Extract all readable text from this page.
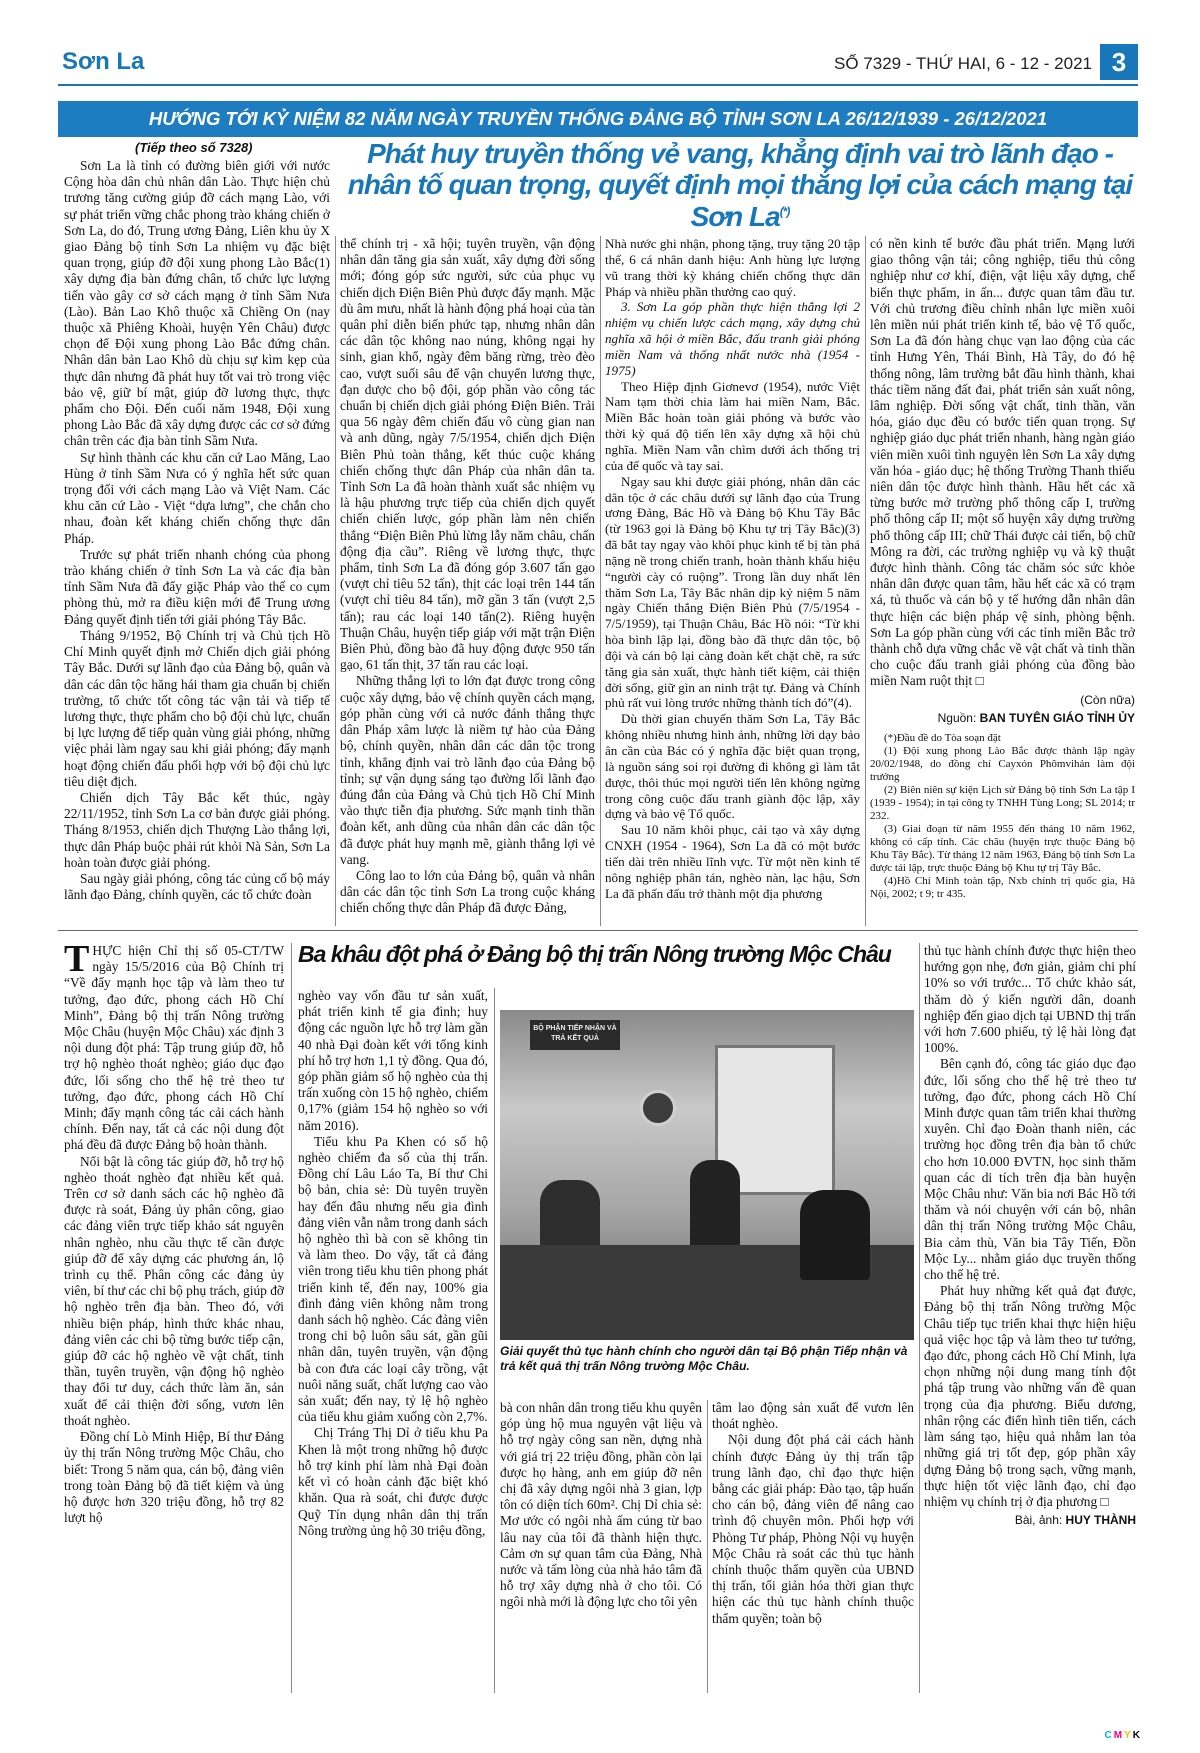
Sơn La	SỐ 7329 - THỨ HAI, 6 - 12 - 2021 3
HƯỚNG TỚI KỶ NIỆM 82 NĂM NGÀY TRUYỀN THỐNG ĐẢNG BỘ TỈNH SƠN LA 26/12/1939 - 26/12/2021
(Tiếp theo số 7328)	Phát huy truyền thống vẻ vang, khẳng định vai trò lãnh đạo - nhân tố quan trọng, quyết định mọi thắng lợi của cách mạng tại Sơn La(*)

Sơn La là tỉnh có đường biên giới với nước Cộng hòa dân chủ nhân dân Lào. Thực hiện chủ trương tăng cường giúp đỡ cách mạng Lào, với sự phát triển vững chắc phong trào kháng chiến ở Sơn La, do đó, Trung ương Đảng, Liên khu ủy X giao Đảng bộ tỉnh Sơn La nhiệm vụ đặc biệt quan trọng, giúp đỡ đội xung phong Lào Bắc(1) xây dựng địa bàn đứng chân, tổ chức lực lượng tiến vào gây cơ sở cách mạng ở tỉnh Sầm Nưa (Lào). Bản Lao Khô thuộc xã Chiềng On (nay thuộc xã Phiêng Khoài, huyện Yên Châu) được chọn để Đội xung phong Lào Bắc đứng chân. Nhân dân bản Lao Khô dù chịu sự kìm kẹp của thực dân nhưng đã phát huy tốt vai trò trong việc bảo vệ, giữ bí mật, giúp đỡ lương thực, thực phẩm cho Đội. Đến cuối năm 1948, Đội xung phong Lào Bắc đã xây dựng được các cơ sở đứng chân trên các địa bàn tỉnh Sầm Nưa.

Sự hình thành các khu căn cứ Lao Măng, Lao Hùng ở tỉnh Sầm Nưa có ý nghĩa hết sức quan trọng đối với cách mạng Lào và Việt Nam. Các khu căn cứ Lào - Việt “dựa lưng”, che chắn cho nhau, đoàn kết kháng chiến chống thực dân Pháp.

Trước sự phát triển nhanh chóng của phong trào kháng chiến ở tỉnh Sơn La và các địa bàn tỉnh Sầm Nưa đã đẩy giặc Pháp vào thế co cụm phòng thủ, mở ra điều kiện mới để Trung ương Đảng quyết định tiến tới giải phóng Tây Bắc.

Tháng 9/1952, Bộ Chính trị và Chủ tịch Hồ Chí Minh quyết định mở Chiến dịch giải phóng Tây Bắc. Dưới sự lãnh đạo của Đảng bộ, quân và dân các dân tộc hăng hái tham gia chuẩn bị chiến trường, tổ chức tốt công tác vận tải và tiếp tế lương thực, thực phẩm cho bộ đội chủ lực, chuẩn bị lực lượng để tiếp quản vùng giải phóng, những việc phải làm ngay sau khi giải phóng; đẩy mạnh hoạt động chiến đấu phối hợp với bộ đội chủ lực tiêu diệt địch.

Chiến dịch Tây Bắc kết thúc, ngày 22/11/1952, tỉnh Sơn La cơ bản được giải phóng. Tháng 8/1953, chiến dịch Thượng Lào thắng lợi, thực dân Pháp buộc phải rút khỏi Nà Sản, Sơn La hoàn toàn được giải phóng.

Sau ngày giải phóng, công tác củng cố bộ máy lãnh đạo Đảng, chính quyền, các tổ chức đoàn

thể chính trị - xã hội; tuyên truyền, vận động nhân dân tăng gia sản xuất, xây dựng đời sống mới; đóng góp sức người, sức của phục vụ chiến dịch Điện Biên Phủ được đẩy mạnh. Mặc dù âm mưu, nhất là hành động phá hoại của tàn quân phỉ diễn biến phức tạp, nhưng nhân dân các dân tộc không nao núng, không ngại hy sinh, gian khổ, ngày đêm băng rừng, trèo đèo cao, vượt suối sâu để vận chuyển lương thực, đạn dược cho bộ đội, góp phần vào công tác chuẩn bị chiến dịch giải phóng Điện Biên. Trải qua 56 ngày đêm chiến đấu vô cùng gian nan và anh dũng, ngày 7/5/1954, chiến dịch Điện Biên Phủ toàn thắng, kết thúc cuộc kháng chiến chống thực dân Pháp của nhân dân ta. Tỉnh Sơn La đã hoàn thành xuất sắc nhiệm vụ là hậu phương trực tiếp của chiến dịch quyết chiến chiến lược, góp phần làm nên chiến thắng “Điện Biên Phủ lừng lẫy năm châu, chấn động địa cầu”. Riêng về lương thực, thực phẩm, tỉnh Sơn La đã đóng góp 3.607 tấn gạo (vượt chỉ tiêu 52 tấn), thịt các loại trên 144 tấn (vượt chỉ tiêu 84 tấn), mỡ gần 3 tấn (vượt 2,5 tấn); rau các loại 140 tấn(2). Riêng huyện Thuận Châu, huyện tiếp giáp với mặt trận Điện Biên Phủ, đồng bào đã huy động được 950 tấn gạo, 61 tấn thịt, 37 tấn rau các loại.

Những thắng lợi to lớn đạt được trong công cuộc xây dựng, bảo vệ chính quyền cách mạng, góp phần cùng với cả nước đánh thắng thực dân Pháp xâm lược là niềm tự hào của Đảng bộ, chính quyền, nhân dân các dân tộc trong tỉnh, khẳng định vai trò lãnh đạo của Đảng bộ tỉnh; sự vận dụng sáng tạo đường lối lãnh đạo đúng đắn của Đảng và Chủ tịch Hồ Chí Minh vào thực tiễn địa phương. Sức mạnh tinh thần đoàn kết, anh dũng của nhân dân các dân tộc đã được phát huy mạnh mẽ, giành thắng lợi vẻ vang.

Công lao to lớn của Đảng bộ, quân và nhân dân các dân tộc tỉnh Sơn La trong cuộc kháng chiến chống thực dân Pháp đã được Đảng,

Nhà nước ghi nhận, phong tặng, truy tặng 20 tập thể, 6 cá nhân danh hiệu: Anh hùng lực lượng vũ trang thời kỳ kháng chiến chống thực dân Pháp và nhiều phần thưởng cao quý.

3. Sơn La góp phần thực hiện thắng lợi 2 nhiệm vụ chiến lược cách mạng, xây dựng chủ nghĩa xã hội ở miền Bắc, đấu tranh giải phóng miền Nam và thống nhất nước nhà (1954 - 1975)

Theo Hiệp định Giơnevơ (1954), nước Việt Nam tạm thời chia làm hai miền Nam, Bắc. Miền Bắc hoàn toàn giải phóng và bước vào thời kỳ quá độ tiến lên xây dựng xã hội chủ nghĩa. Miền Nam vẫn chìm dưới ách thống trị của đế quốc và tay sai.

Ngay sau khi được giải phóng, nhân dân các dân tộc ở các châu dưới sự lãnh đạo của Trung ương Đảng, Bác Hồ và Đảng bộ Khu Tây Bắc (từ 1963 gọi là Đảng bộ Khu tự trị Tây Bắc)(3) đã bắt tay ngay vào khôi phục kinh tế bị tàn phá nặng nề trong chiến tranh, hoàn thành khẩu hiệu “người cày có ruộng”. Trong lần duy nhất lên thăm Sơn La, Tây Bắc nhân dịp kỷ niệm 5 năm ngày Chiến thắng Điện Biên Phủ (7/5/1954 - 7/5/1959), tại Thuận Châu, Bác Hồ nói: “Từ khi hòa bình lập lại, đồng bào đã thực dân tộc, bộ đội và cán bộ lại càng đoàn kết chặt chẽ, ra sức tăng gia sản xuất, thực hành tiết kiệm, cải thiện đời sống, giữ gìn an ninh trật tự. Đảng và Chính phủ rất vui lòng trước những thành tích đó”(4).

Dù thời gian chuyến thăm Sơn La, Tây Bắc không nhiều nhưng hình ảnh, những lời dạy bảo ân cần của Bác có ý nghĩa đặc biệt quan trọng, là nguồn sáng soi rọi đường đi không gì làm tắt được, thôi thúc mọi người tiến lên không ngừng trong công cuộc đấu tranh giành độc lập, xây dựng và bảo vệ Tổ quốc.

Sau 10 năm khôi phục, cải tạo và xây dựng CNXH (1954 - 1964), Sơn La đã có một bước tiến dài trên nhiều lĩnh vực. Từ một nền kinh tế nông nghiệp phân tán, nghèo nàn, lạc hậu, Sơn La đã phấn đấu trở thành một địa phương

có nền kinh tế bước đầu phát triển. Mạng lưới giao thông vận tải; công nghiệp, tiểu thủ công nghiệp như cơ khí, điện, vật liệu xây dựng, chế biến thực phẩm, in ấn... được quan tâm đầu tư. Với chủ trương điều chỉnh nhân lực miền xuôi lên miền núi phát triển kinh tế, bảo vệ Tổ quốc, Sơn La đã đón hàng chục vạn lao động của các tỉnh Hưng Yên, Thái Bình, Hà Tây, do đó hệ thống nông, lâm trường bắt đầu hình thành, khai thác tiềm năng đất đai, phát triển sản xuất nông, lâm nghiệp. Đời sống vật chất, tinh thần, văn hóa, giáo dục đều có bước tiến quan trọng. Sự nghiệp giáo dục phát triển nhanh, hàng ngàn giáo viên miền xuôi tình nguyện lên Sơn La xây dựng văn hóa - giáo dục; hệ thống Trường Thanh thiếu niên dân tộc được hình thành. Hầu hết các xã từng bước mở trường phổ thông cấp I, trường phổ thông cấp II; một số huyện xây dựng trường phổ thông cấp III; chữ Thái được cải tiến, bộ chữ Mông ra đời, các trường nghiệp vụ và kỹ thuật được hình thành. Công tác chăm sóc sức khỏe nhân dân được quan tâm, hầu hết các xã có trạm xá, tủ thuốc và cán bộ y tế hướng dẫn nhân dân thực hiện các biện pháp vệ sinh, phòng bệnh. Sơn La góp phần cùng với các tỉnh miền Bắc trở thành chỗ dựa vững chắc về vật chất và tinh thần cho cuộc đấu tranh giải phóng của đồng bào miền Nam ruột thịt □

(Còn nữa)
Nguồn: BAN TUYÊN GIÁO TỈNH ỦY

(*)Đầu đề do Tòa soạn đặt

(1) Đội xung phong Lào Bắc được thành lập ngày 20/02/1948, do đồng chí Cayxỏn Phômvihản làm đội trưởng

(2) Biên niên sự kiện Lịch sử Đảng bộ tỉnh Sơn La tập I (1939 - 1954); in tại công ty TNHH Tùng Long; SL 2014; tr 232.

(3) Giai đoạn từ năm 1955 đến tháng 10 năm 1962, không có cấp tỉnh. Các châu (huyện trực thuộc Đảng bộ Khu Tây Bắc). Từ tháng 12 năm 1963, Đảng bộ tỉnh Sơn La được tái lập, trực thuộc Đảng bộ Khu tự trị Tây Bắc.

(4)Hồ Chí Minh toàn tập, Nxb chính trị quốc gia, Hà Nội, 2002; t 9; tr 435.

THỰC hiện Chỉ thị số 05-CT/TW ngày 15/5/2016 của Bộ Chính trị “Về đẩy mạnh học tập và làm theo tư tưởng, đạo đức, phong cách Hồ Chí Minh”, Đảng bộ thị trấn Nông trường Mộc Châu (huyện Mộc Châu) xác định 3 nội dung đột phá: Tập trung giúp đỡ, hỗ trợ hộ nghèo thoát nghèo; giáo dục đạo đức, lối sống cho thế hệ trẻ theo tư tưởng, đạo đức, phong cách Hồ Chí Minh; đẩy mạnh công tác cải cách hành chính. Đến nay, tất cả các nội dung đột phá đều đã được Đảng bộ hoàn thành.

Nổi bật là công tác giúp đỡ, hỗ trợ hộ nghèo thoát nghèo đạt nhiều kết quả. Trên cơ sở danh sách các hộ nghèo đã được rà soát, Đảng ủy phân công, giao các đảng viên trực tiếp khảo sát nguyên nhân nghèo, nhu cầu thực tế cần được giúp đỡ để xây dựng các phương án, lộ trình cụ thể. Phân công các đảng ủy viên, bí thư các chi bộ phụ trách, giúp đỡ hộ nghèo trên địa bàn. Theo đó, với nhiều biện pháp, hình thức khác nhau, đảng viên các chi bộ từng bước tiếp cận, giúp đỡ các hộ nghèo về vật chất, tinh thần, tuyên truyền, vận động hộ nghèo thay đổi tư duy, cách thức làm ăn, sản xuất để cải thiện đời sống, vươn lên thoát nghèo.

Đồng chí Lò Minh Hiệp, Bí thư Đảng ủy thị trấn Nông trường Mộc Châu, cho biết: Trong 5 năm qua, cán bộ, đảng viên trong toàn Đảng bộ đã tiết kiệm và ủng hộ được hơn 320 triệu đồng, hỗ trợ 82 lượt hộ

Ba khâu đột phá ở Đảng bộ thị trấn Nông trường Mộc Châu

nghèo vay vốn đầu tư sản xuất, phát triển kinh tế gia đình; huy động các nguồn lực hỗ trợ làm gần 40 nhà Đại đoàn kết với tổng kinh phí hỗ trợ hơn 1,1 tỷ đồng. Qua đó, góp phần giảm số hộ nghèo của thị trấn xuống còn 15 hộ nghèo, chiếm 0,17% (giảm 154 hộ nghèo so với năm 2016).

Tiểu khu Pa Khen có số hộ nghèo chiếm đa số của thị trấn. Đồng chí Lâu Láo Ta, Bí thư Chi bộ bản, chia sẻ: Dù tuyên truyền hay đến đâu nhưng nếu gia đình đảng viên vẫn nằm trong danh sách hộ nghèo thì bà con sẽ không tin và làm theo. Do vậy, tất cả đảng viên trong tiểu khu tiên phong phát triển kinh tế, đến nay, 100% gia đình đảng viên không nằm trong danh sách hộ nghèo. Các đảng viên trong chi bộ luôn sâu sát, gần gũi nhân dân, tuyên truyền, vận động bà con đưa các loại cây trồng, vật nuôi năng suất, chất lượng cao vào sản xuất; đến nay, tỷ lệ hộ nghèo của tiểu khu giảm xuống còn 2,7%.

Chị Tráng Thị Dỉ ở tiểu khu Pa Khen là một trong những hộ được hỗ trợ kinh phí làm nhà Đại đoàn kết vì có hoàn cảnh đặc biệt khó khăn. Qua rà soát, chi được được Quỹ Tín dụng nhân dân thị trấn Nông trường ủng hộ 30 triệu đồng,

BỘ PHẬN TIẾP NHẬN VÀ TRẢ KẾT QUẢ
Giải quyết thủ tục hành chính cho người dân tại Bộ phận Tiếp nhận và trả kết quả thị trấn Nông trường Mộc Châu.

bà con nhân dân trong tiểu khu quyên góp ủng hộ mua nguyên vật liệu và hỗ trợ ngày công san nền, dựng nhà với giá trị 22 triệu đồng, phần còn lại được họ hàng, anh em giúp đỡ nên chị đã xây dựng ngôi nhà 3 gian, lợp tôn có diện tích 60m². Chị Dỉ chia sẻ: Mơ ước có ngôi nhà ấm cúng từ bao lâu nay của tôi đã thành hiện thực. Cảm ơn sự quan tâm của Đảng, Nhà nước và tấm lòng của nhà hảo tâm đã hỗ trợ xây dựng nhà ở cho tôi. Có ngôi nhà mới là động lực cho tôi yên

tâm lao động sản xuất để vươn lên thoát nghèo.

Nội dung đột phá cải cách hành chính được Đảng ủy thị trấn tập trung lãnh đạo, chỉ đạo thực hiện bằng các giải pháp: Đào tạo, tập huấn cho cán bộ, đảng viên để nâng cao trình độ chuyên môn. Phối hợp với Phòng Tư pháp, Phòng Nội vụ huyện Mộc Châu rà soát các thủ tục hành chính thuộc thẩm quyền của UBND thị trấn, tối giản hóa thời gian thực hiện các thủ tục hành chính thuộc thẩm quyền; toàn bộ

thủ tục hành chính được thực hiện theo hướng gọn nhẹ, đơn giản, giảm chi phí 10% so với trước... Tổ chức khảo sát, thăm dò ý kiến người dân, doanh nghiệp đến giao dịch tại UBND thị trấn với hơn 7.600 phiếu, tỷ lệ hài lòng đạt 100%.

Bên cạnh đó, công tác giáo dục đạo đức, lối sống cho thế hệ trẻ theo tư tưởng, đạo đức, phong cách Hồ Chí Minh được quan tâm triển khai thường xuyên. Chỉ đạo Đoàn thanh niên, các trường học đồng trên địa bàn tổ chức cho hơn 10.000 ĐVTN, học sinh thăm quan các di tích trên địa bàn huyện Mộc Châu như: Văn bia nơi Bác Hồ tới thăm và nói chuyện với cán bộ, nhân dân thị trấn Nông trường Mộc Châu, Bia cảm thù, Văn bia Tây Tiến, Đồn Mộc Ly... nhằm giáo dục truyền thống cho thế hệ trẻ.

Phát huy những kết quả đạt được, Đảng bộ thị trấn Nông trường Mộc Châu tiếp tục triển khai thực hiện hiệu quả việc học tập và làm theo tư tưởng, đạo đức, phong cách Hồ Chí Minh, lựa chọn những nội dung mang tính đột phá tập trung vào những vấn đề quan trọng của địa phương. Biểu dương, nhân rộng các điển hình tiên tiến, cách làm sáng tạo, hiệu quả nhằm lan tỏa những giá trị tốt đẹp, góp phần xây dựng Đảng bộ trong sạch, vững mạnh, thực hiện tốt việc lãnh đạo, chỉ đạo nhiệm vụ chính trị ở địa phương □

Bài, ảnh: HUY THÀNH
CMYK
